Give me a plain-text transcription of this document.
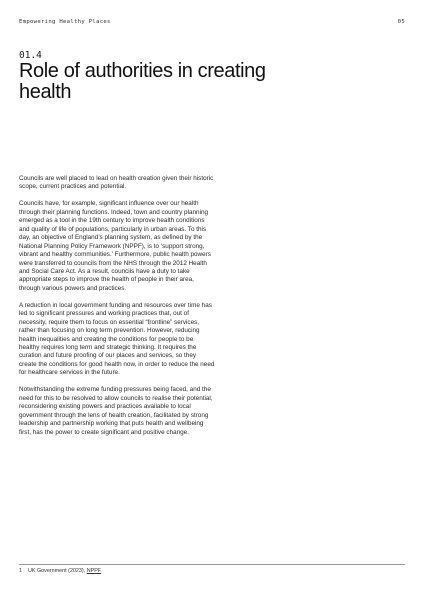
Empowering Healthy Places	05
01.4
Role of authorities in creating health

Councils are well placed to lead on health creation given their historic scope, current practices and potential.

Councils have, for example, significant influence over our health through their planning functions. Indeed, town and country planning emerged as a tool in the 19th century to improve health conditions and quality of life of populations, particularly in urban areas. To this day, an objective of England’s planning system, as defined by the National Planning Policy Framework (NPPF), is to ‘support strong, vibrant and healthy communities.’ Furthermore, public health powers were transferred to councils from the NHS through the 2012 Health and Social Care Act. As a result, councils have a duty to take appropriate steps to improve the health of people in their area, through various powers and practices.

A reduction in local government funding and resources over time has led to significant pressures and working practices that, out of necessity, require them to focus on essential “frontline” services, rather than focusing on long term prevention. However, reducing health inequalities and creating the conditions for people to be healthy requires long term and strategic thinking. It requires the curation and future proofing of our places and services, so they create the conditions for good health now, in order to reduce the need for healthcare services in the future.

Notwithstanding the extreme funding pressures being faced, and the need for this to be resolved to allow councils to realise their potential, reconsidering existing powers and practices available to local government through the lens of health creation, facilitated by strong leadership and partnership working that puts health and wellbeing first, has the power to create significant and positive change.

1 UK Government (2023), NPPF
